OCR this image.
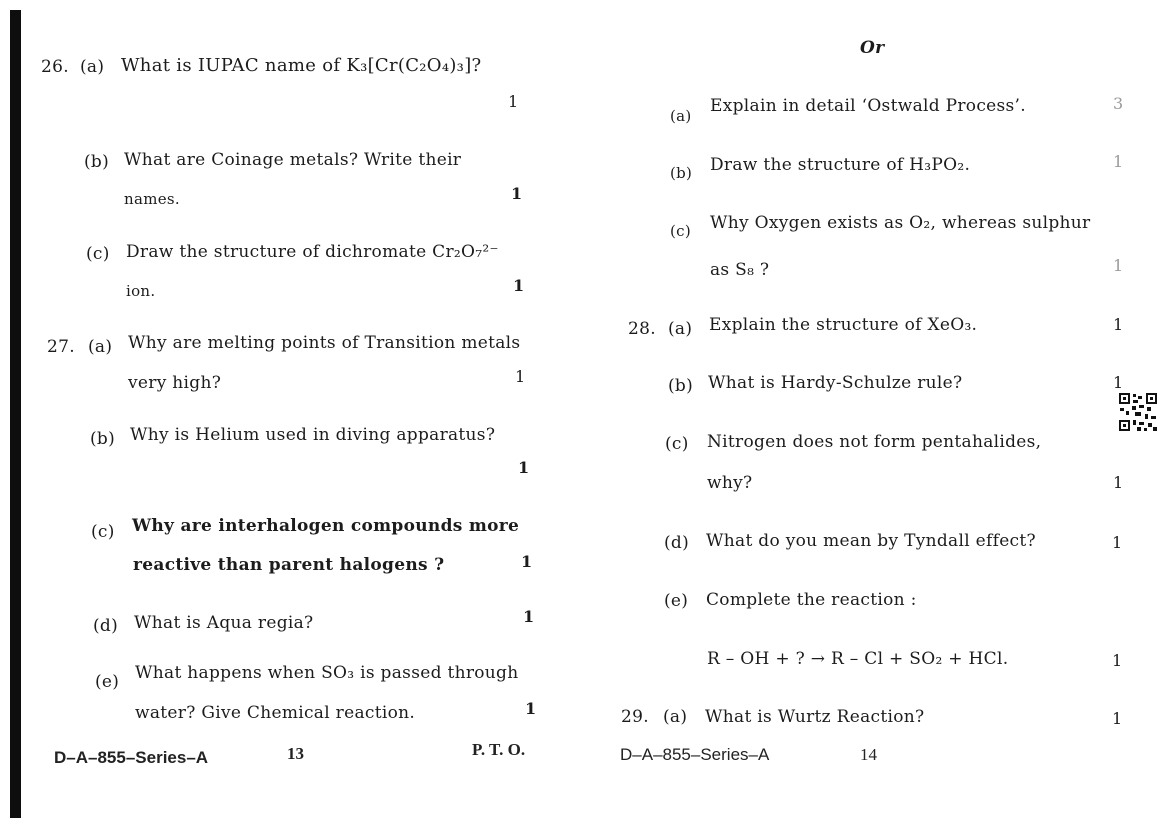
26. (a) What is IUPAC name of K₃[Cr(C₂O₄)₃]?
1
(b) What are Coinage metals? Write their
names.	1
(c) Draw the structure of dichromate Cr₂O₇²⁻
ion.	1
27. (a) Why are melting points of Transition metals
very high?	1
(b) Why is Helium used in diving apparatus?
1
(c) Why are interhalogen compounds more
reactive than parent halogens ?	1
(d) What is Aqua regia?	1
(e) What happens when SO₃ is passed through
water? Give Chemical reaction.	1
D–A–855–Series–A	13	P. T. O.
Or
(a) Explain in detail ‘Ostwald Process’.	3
(b) Draw the structure of H₃PO₂.	1
(c) Why Oxygen exists as O₂, whereas sulphur
as S₈ ?	1
28. (a) Explain the structure of XeO₃.	1
(b) What is Hardy-Schulze rule?	1
(c) Nitrogen does not form pentahalides,
why?	1
(d) What do you mean by Tyndall effect?	1
(e) Complete the reaction :
R – OH + ? → R – Cl + SO₂ + HCl.	1
29. (a) What is Wurtz Reaction?	1
D–A–855–Series–A	14
